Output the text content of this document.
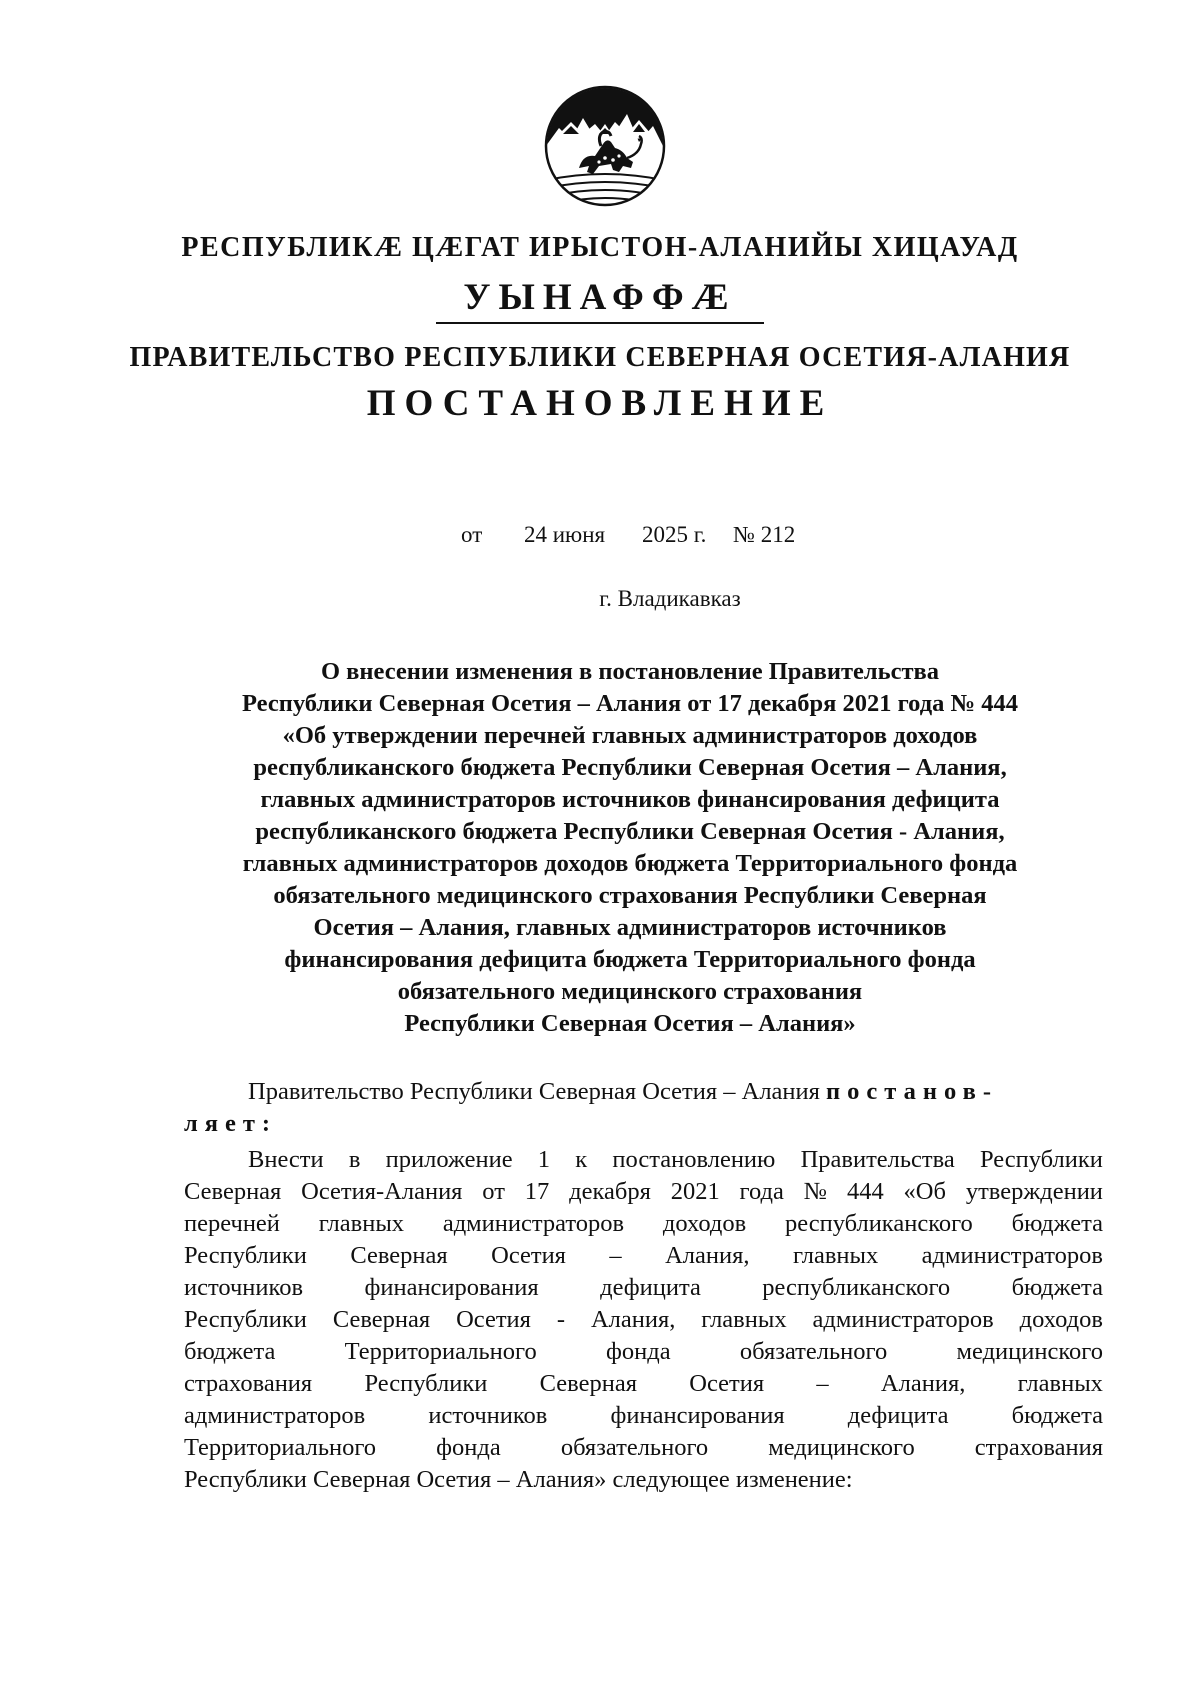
РЕСПУБЛИКӔ ЦӔГАТ ИРЫСТОН-АЛАНИЙЫ ХИЦАУАД
УЫНАФФӔ
ПРАВИТЕЛЬСТВО РЕСПУБЛИКИ СЕВЕРНАЯ ОСЕТИЯ-АЛАНИЯ
ПОСТАНОВЛЕНИЕ
от 24 июня 2025 г. № 212
г. Владикавказ
О внесении изменения в постановление Правительства
Республики Северная Осетия – Алания от 17 декабря 2021 года № 444
«Об утверждении перечней главных администраторов доходов
республиканского бюджета Республики Северная Осетия – Алания,
главных администраторов источников финансирования дефицита
республиканского бюджета Республики Северная Осетия - Алания,
главных администраторов доходов бюджета Территориального фонда
обязательного медицинского страхования Республики Северная
Осетия – Алания, главных администраторов источников
финансирования дефицита бюджета Территориального фонда
обязательного медицинского страхования
Республики Северная Осетия – Алания»
Правительство Республики Северная Осетия – Алания постанов-
ляет:
Внести в приложение 1 к постановлению Правительства Республики
Северная Осетия-Алания от 17 декабря 2021 года № 444 «Об утверждении
перечней главных администраторов доходов республиканского бюджета
Республики Северная Осетия – Алания, главных администраторов
источников	финансирования	дефицита	республиканского	бюджета
Республики Северная Осетия - Алания, главных администраторов доходов
бюджета	Территориального	фонда	обязательного	медицинского
страхования Республики Северная Осетия – Алания, главных
администраторов	источников	финансирования	дефицита	бюджета
Территориального фонда обязательного медицинского страхования
Республики Северная Осетия – Алания» следующее изменение:
